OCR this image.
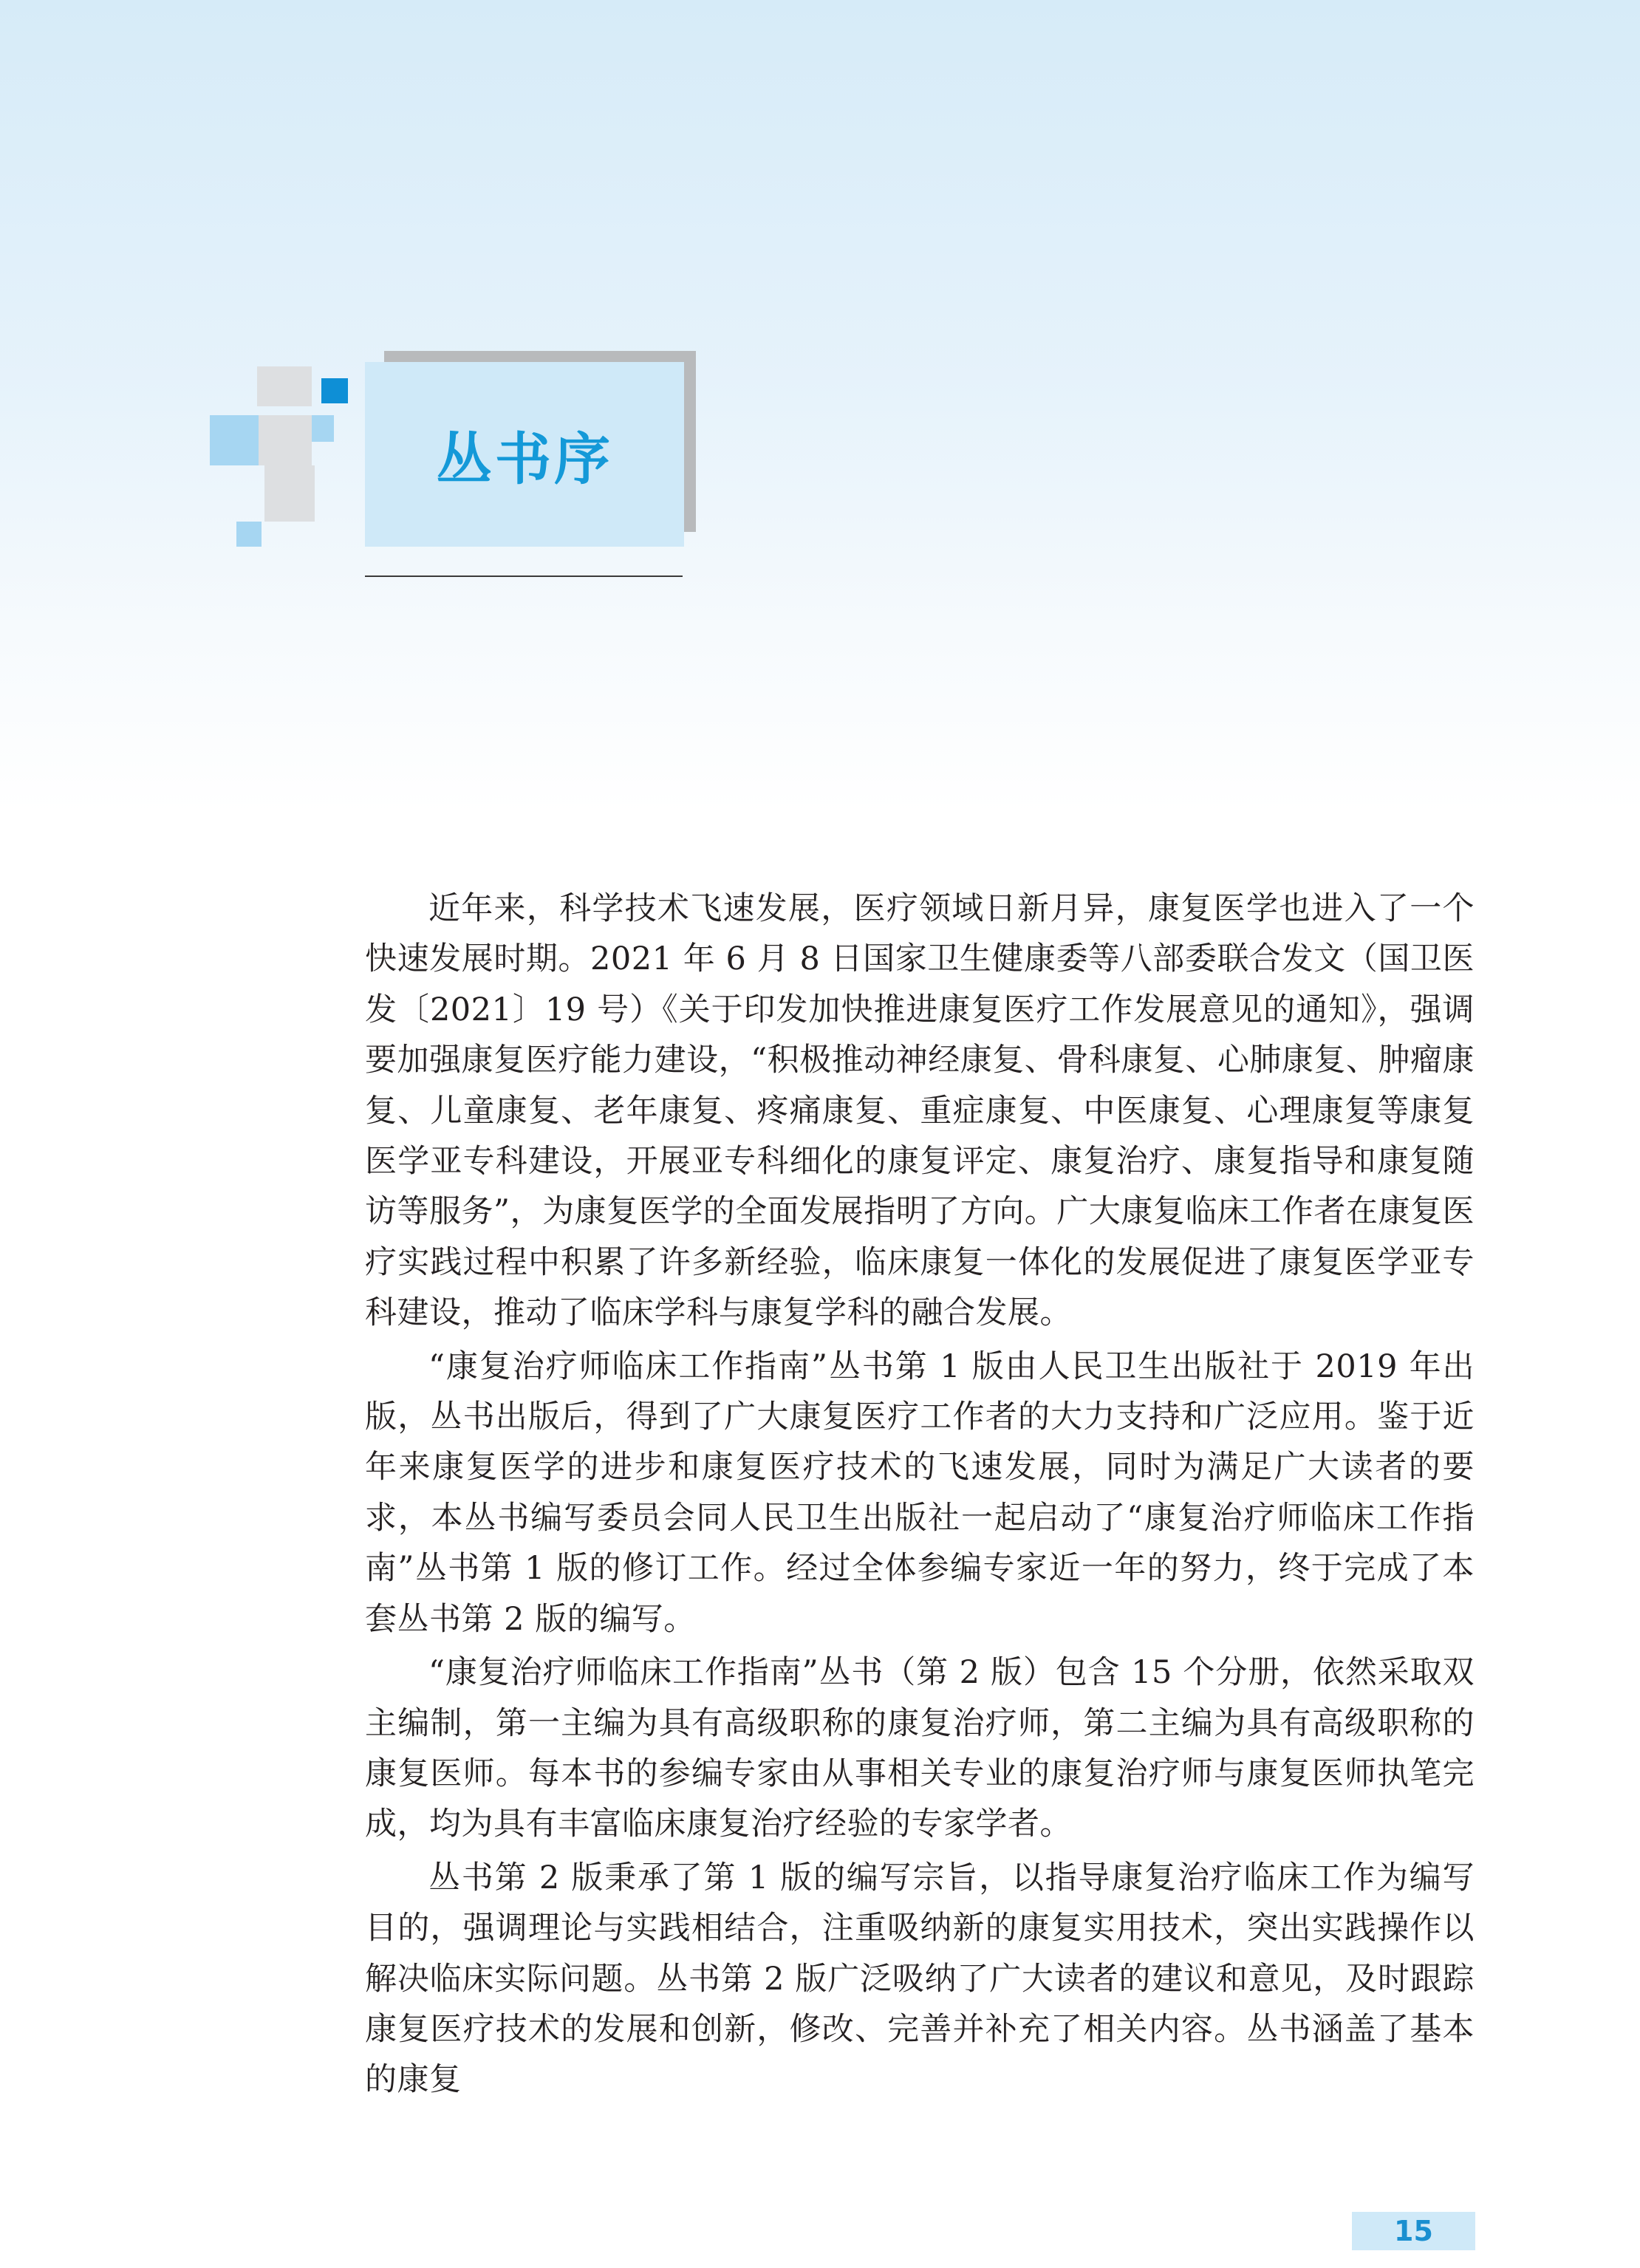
丛书序

近年来，科学技术飞速发展，医疗领域日新月异，康复医学也进入了一个快速发展时期。2021 年 6 月 8 日国家卫生健康委等八部委联合发文（国卫医发〔2021〕19 号）《关于印发加快推进康复医疗工作发展意见的通知》，强调要加强康复医疗能力建设，“积极推动神经康复、骨科康复、心肺康复、肿瘤康复、儿童康复、老年康复、疼痛康复、重症康复、中医康复、心理康复等康复医学亚专科建设，开展亚专科细化的康复评定、康复治疗、康复指导和康复随访等服务”，为康复医学的全面发展指明了方向。广大康复临床工作者在康复医疗实践过程中积累了许多新经验，临床康复一体化的发展促进了康复医学亚专科建设，推动了临床学科与康复学科的融合发展。

“康复治疗师临床工作指南”丛书第 1 版由人民卫生出版社于 2019 年出版，丛书出版后，得到了广大康复医疗工作者的大力支持和广泛应用。鉴于近年来康复医学的进步和康复医疗技术的飞速发展，同时为满足广大读者的要求，本丛书编写委员会同人民卫生出版社一起启动了“康复治疗师临床工作指南”丛书第 1 版的修订工作。经过全体参编专家近一年的努力，终于完成了本套丛书第 2 版的编写。

“康复治疗师临床工作指南”丛书（第 2 版）包含 15 个分册，依然采取双主编制，第一主编为具有高级职称的康复治疗师，第二主编为具有高级职称的康复医师。每本书的参编专家由从事相关专业的康复治疗师与康复医师执笔完成，均为具有丰富临床康复治疗经验的专家学者。

丛书第 2 版秉承了第 1 版的编写宗旨，以指导康复治疗临床工作为编写目的，强调理论与实践相结合，注重吸纳新的康复实用技术，突出实践操作以解决临床实际问题。丛书第 2 版广泛吸纳了广大读者的建议和意见，及时跟踪康复医疗技术的发展和创新，修改、完善并补充了相关内容。丛书涵盖了基本的康复

15
